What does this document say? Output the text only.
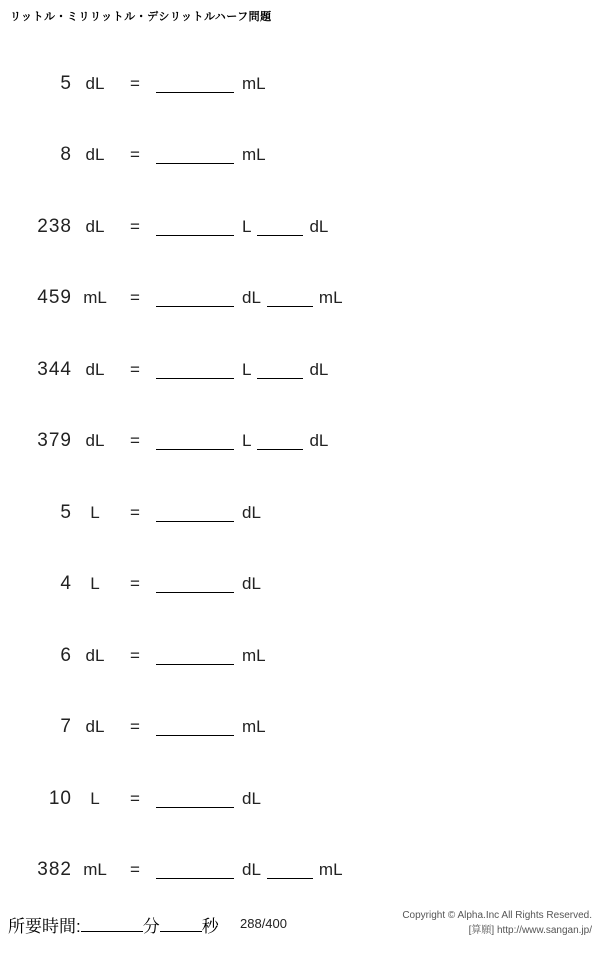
リットル・ミリリットル・デシリットルハーフ問題
5 dL	=	mL
8 dL	=	mL
238 dL	=	L	dL
459 mL	=	dL	mL
344 dL	=	L	dL
379 dL	=	L	dL
5	L	=	dL
4	L	=	dL
6 dL	=	mL
7 dL	=	mL
10	L	=	dL
382 mL	=	dL	mL
所要時間:	分 秒 288/400
Copyright © Alpha.Inc All Rights Reserved.
[算願] http://www.sangan.jp/
